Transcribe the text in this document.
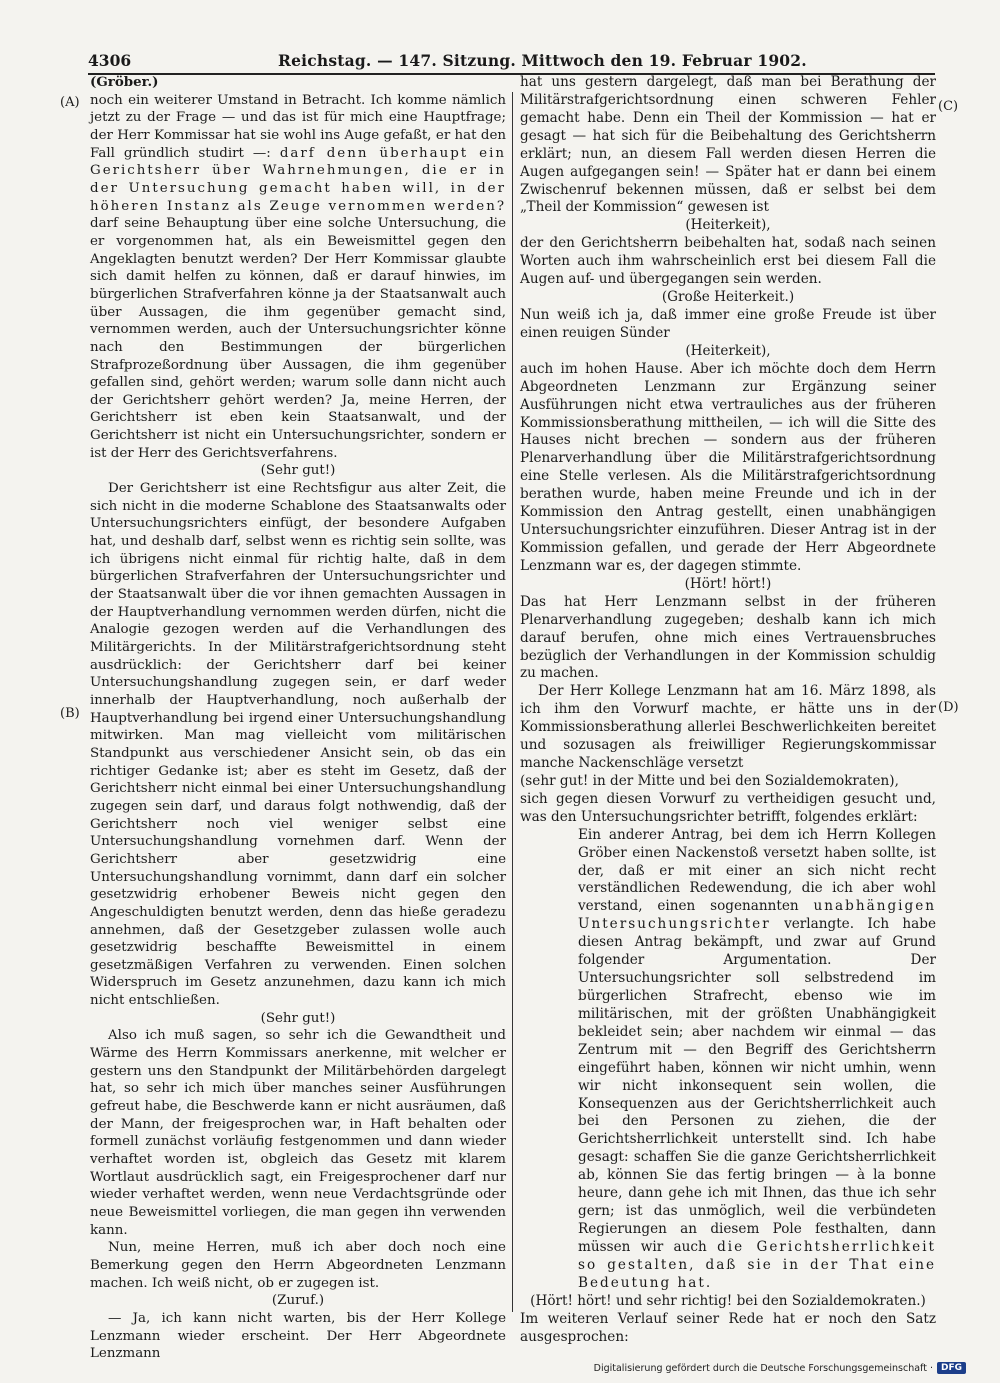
4306	Reichstag. — 147. Sitzung. Mittwoch den 19. Februar 1902.
(A)
(B)
(C)
(D)

(Gröber.)

noch ein weiterer Umstand in Betracht. Ich komme nämlich jetzt zu der Frage — und das ist für mich eine Hauptfrage; der Herr Kommissar hat sie wohl ins Auge gefaßt, er hat den Fall gründlich studirt —: darf denn überhaupt ein Gerichtsherr über Wahrnehmungen, die er in der Untersuchung gemacht haben will, in der höheren Instanz als Zeuge vernommen werden? darf seine Behauptung über eine solche Untersuchung, die er vorgenommen hat, als ein Beweismittel gegen den Angeklagten benutzt werden? Der Herr Kommissar glaubte sich damit helfen zu können, daß er darauf hinwies, im bürgerlichen Strafverfahren könne ja der Staatsanwalt auch über Aussagen, die ihm gegenüber gemacht sind, vernommen werden, auch der Untersuchungsrichter könne nach den Bestimmungen der bürgerlichen Strafprozeßordnung über Aussagen, die ihm gegenüber gefallen sind, gehört werden; warum solle dann nicht auch der Gerichtsherr gehört werden? Ja, meine Herren, der Gerichtsherr ist eben kein Staatsanwalt, und der Gerichtsherr ist nicht ein Untersuchungsrichter, sondern er ist der Herr des Gerichtsverfahrens.

(Sehr gut!)

Der Gerichtsherr ist eine Rechtsfigur aus alter Zeit, die sich nicht in die moderne Schablone des Staatsanwalts oder Untersuchungsrichters einfügt, der besondere Aufgaben hat, und deshalb darf, selbst wenn es richtig sein sollte, was ich übrigens nicht einmal für richtig halte, daß in dem bürgerlichen Strafverfahren der Untersuchungsrichter und der Staatsanwalt über die vor ihnen gemachten Aussagen in der Hauptverhandlung vernommen werden dürfen, nicht die Analogie gezogen werden auf die Verhandlungen des Militärgerichts. In der Militärstrafgerichtsordnung steht ausdrücklich: der Gerichtsherr darf bei keiner Untersuchungshandlung zugegen sein, er darf weder innerhalb der Hauptverhandlung, noch außerhalb der Hauptverhandlung bei irgend einer Untersuchungshandlung mitwirken. Man mag vielleicht vom militärischen Standpunkt aus verschiedener Ansicht sein, ob das ein richtiger Gedanke ist; aber es steht im Gesetz, daß der Gerichtsherr nicht einmal bei einer Untersuchungshandlung zugegen sein darf, und daraus folgt nothwendig, daß der Gerichtsherr noch viel weniger selbst eine Untersuchungshandlung vornehmen darf. Wenn der Gerichtsherr aber gesetzwidrig eine Untersuchungshandlung vornimmt, dann darf ein solcher gesetzwidrig erhobener Beweis nicht gegen den Angeschuldigten benutzt werden, denn das hieße geradezu annehmen, daß der Gesetzgeber zulassen wolle auch gesetzwidrig beschaffte Beweismittel in einem gesetzmäßigen Verfahren zu verwenden. Einen solchen Widerspruch im Gesetz anzunehmen, dazu kann ich mich nicht entschließen.

(Sehr gut!)

Also ich muß sagen, so sehr ich die Gewandtheit und Wärme des Herrn Kommissars anerkenne, mit welcher er gestern uns den Standpunkt der Militärbehörden dargelegt hat, so sehr ich mich über manches seiner Ausführungen gefreut habe, die Beschwerde kann er nicht ausräumen, daß der Mann, der freigesprochen war, in Haft behalten oder formell zunächst vorläufig festgenommen und dann wieder verhaftet worden ist, obgleich das Gesetz mit klarem Wortlaut ausdrücklich sagt, ein Freigesprochener darf nur wieder verhaftet werden, wenn neue Verdachtsgründe oder neue Beweismittel vorliegen, die man gegen ihn verwenden kann.

Nun, meine Herren, muß ich aber doch noch eine Bemerkung gegen den Herrn Abgeordneten Lenzmann machen. Ich weiß nicht, ob er zugegen ist.

(Zuruf.)

— Ja, ich kann nicht warten, bis der Herr Kollege Lenzmann wieder erscheint. Der Herr Abgeordnete Lenzmann

hat uns gestern dargelegt, daß man bei Berathung der Militärstrafgerichtsordnung einen schweren Fehler gemacht habe. Denn ein Theil der Kommission — hat er gesagt — hat sich für die Beibehaltung des Gerichtsherrn erklärt; nun, an diesem Fall werden diesen Herren die Augen aufgegangen sein! — Später hat er dann bei einem Zwischenruf bekennen müssen, daß er selbst bei dem „Theil der Kommission“ gewesen ist

(Heiterkeit),

der den Gerichtsherrn beibehalten hat, sodaß nach seinen Worten auch ihm wahrscheinlich erst bei diesem Fall die Augen auf- und übergegangen sein werden.

(Große Heiterkeit.)

Nun weiß ich ja, daß immer eine große Freude ist über einen reuigen Sünder

(Heiterkeit),

auch im hohen Hause. Aber ich möchte doch dem Herrn Abgeordneten Lenzmann zur Ergänzung seiner Ausführungen nicht etwa vertrauliches aus der früheren Kommissionsberathung mittheilen, — ich will die Sitte des Hauses nicht brechen — sondern aus der früheren Plenarverhandlung über die Militärstrafgerichtsordnung eine Stelle verlesen. Als die Militärstrafgerichtsordnung berathen wurde, haben meine Freunde und ich in der Kommission den Antrag gestellt, einen unabhängigen Untersuchungsrichter einzuführen. Dieser Antrag ist in der Kommission gefallen, und gerade der Herr Abgeordnete Lenzmann war es, der dagegen stimmte.

(Hört! hört!)

Das hat Herr Lenzmann selbst in der früheren Plenarverhandlung zugegeben; deshalb kann ich mich darauf berufen, ohne mich eines Vertrauensbruches bezüglich der Verhandlungen in der Kommission schuldig zu machen.

Der Herr Kollege Lenzmann hat am 16. März 1898, als ich ihm den Vorwurf machte, er hätte uns in der Kommissionsberathung allerlei Beschwerlichkeiten bereitet und sozusagen als freiwilliger Regierungskommissar manche Nackenschläge versetzt

(sehr gut! in der Mitte und bei den Sozialdemokraten),

sich gegen diesen Vorwurf zu vertheidigen gesucht und, was den Untersuchungsrichter betrifft, folgendes erklärt:

Ein anderer Antrag, bei dem ich Herrn Kollegen Gröber einen Nackenstoß versetzt haben sollte, ist der, daß er mit einer an sich nicht recht verständlichen Redewendung, die ich aber wohl verstand, einen sogenannten unabhängigen Untersuchungsrichter verlangte. Ich habe diesen Antrag bekämpft, und zwar auf Grund folgender Argumentation. Der Untersuchungsrichter soll selbstredend im bürgerlichen Strafrecht, ebenso wie im militärischen, mit der größten Unabhängigkeit bekleidet sein; aber nachdem wir einmal — das Zentrum mit — den Begriff des Gerichtsherrn eingeführt haben, können wir nicht umhin, wenn wir nicht inkonsequent sein wollen, die Konsequenzen aus der Gerichtsherrlichkeit auch bei den Personen zu ziehen, die der Gerichtsherrlichkeit unterstellt sind. Ich habe gesagt: schaffen Sie die ganze Gerichtsherrlichkeit ab, können Sie das fertig bringen — à la bonne heure, dann gehe ich mit Ihnen, das thue ich sehr gern; ist das unmöglich, weil die verbündeten Regierungen an diesem Pole festhalten, dann müssen wir auch die Gerichtsherrlichkeit so gestalten, daß sie in der That eine Bedeutung hat.

(Hört! hört! und sehr richtig! bei den Sozialdemokraten.)

Im weiteren Verlauf seiner Rede hat er noch den Satz ausgesprochen:

Digitalisierung gefördert durch die Deutsche Forschungsgemeinschaft · DFG
